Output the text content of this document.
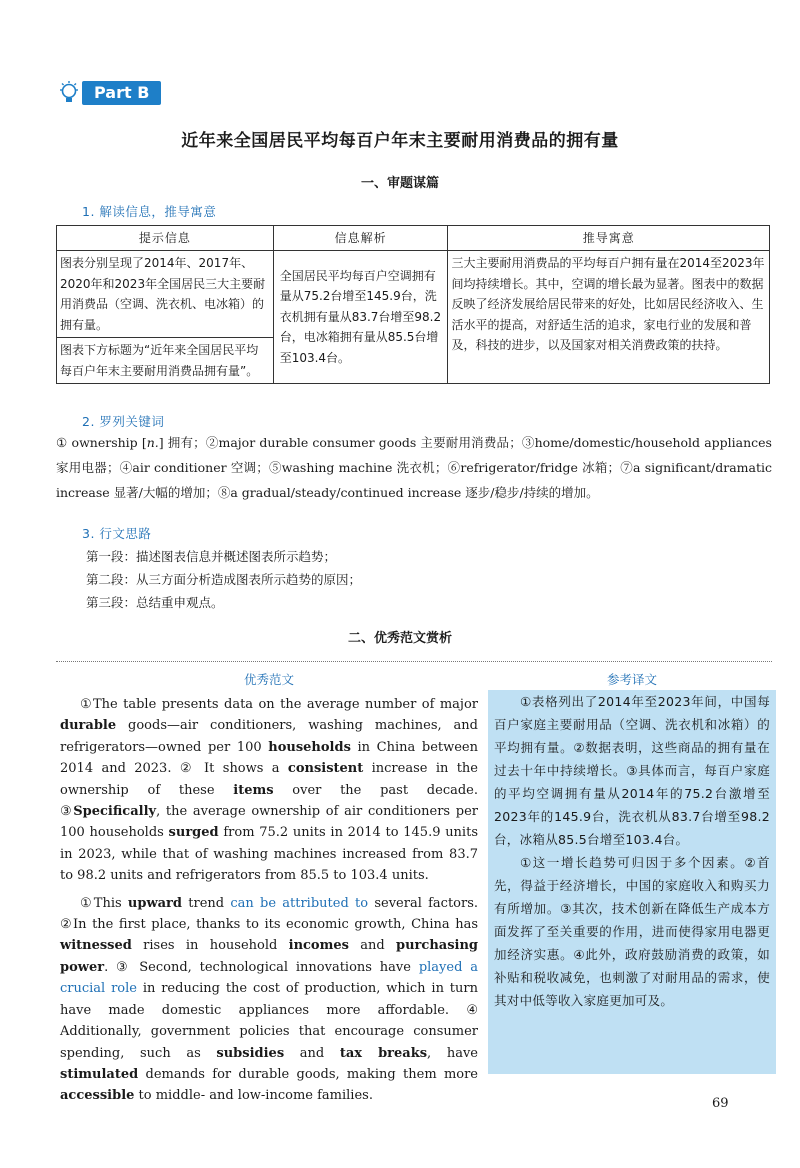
Part B
近年来全国居民平均每百户年末主要耐用消费品的拥有量
一、审题谋篇
1. 解读信息，推导寓意
提示信息	信息解析	推导寓意
图表分别呈现了2014年、2017年、2020年和2023年全国居民三大主要耐用消费品（空调、洗衣机、电冰箱）的拥有量。	全国居民平均每百户空调拥有量从75.2台增至145.9台，洗衣机拥有量从83.7台增至98.2台，电冰箱拥有量从85.5台增至103.4台。	三大主要耐用消费品的平均每百户拥有量在2014至2023年间均持续增长。其中，空调的增长最为显著。图表中的数据反映了经济发展给居民带来的好处，比如居民经济收入、生活水平的提高，对舒适生活的追求，家电行业的发展和普及，科技的进步，以及国家对相关消费政策的扶持。
图表下方标题为“近年来全国居民平均每百户年末主要耐用消费品拥有量”。		
2. 罗列关键词
① ownership [n.] 拥有；②major durable consumer goods 主要耐用消费品；③home/domestic/household appliances 家用电器；④air conditioner 空调；⑤washing machine 洗衣机；⑥refrigerator/fridge 冰箱；⑦a significant/dramatic increase 显著/大幅的增加；⑧a gradual/steady/continued increase 逐步/稳步/持续的增加。
3. 行文思路
第一段：描述图表信息并概述图表所示趋势；
第二段：从三方面分析造成图表所示趋势的原因；
第三段：总结重申观点。
二、优秀范文赏析
优秀范文	参考译文

①The table presents data on the average number of major durable goods—air conditioners, washing machines, and refrigerators—owned per 100 households in China between 2014 and 2023. ② It shows a consistent increase in the ownership of these items over the past decade. ③Specifically, the average ownership of air conditioners per 100 households surged from 75.2 units in 2014 to 145.9 units in 2023, while that of washing machines increased from 83.7 to 98.2 units and refrigerators from 85.5 to 103.4 units.

①This upward trend can be attributed to several factors. ②In the first place, thanks to its economic growth, China has witnessed rises in household incomes and purchasing power. ③ Second, technological innovations have played a crucial role in reducing the cost of production, which in turn have made domestic appliances more affordable. ④ Additionally, government policies that encourage consumer spending, such as subsidies and tax breaks, have stimulated demands for durable goods, making them more accessible to middle- and low-income families.

①表格列出了2014年至2023年间，中国每百户家庭主要耐用品（空调、洗衣机和冰箱）的平均拥有量。②数据表明，这些商品的拥有量在过去十年中持续增长。③具体而言，每百户家庭的平均空调拥有量从2014年的75.2台激增至2023年的145.9台，洗衣机从83.7台增至98.2台，冰箱从85.5台增至103.4台。

①这一增长趋势可归因于多个因素。②首先，得益于经济增长，中国的家庭收入和购买力有所增加。③其次，技术创新在降低生产成本方面发挥了至关重要的作用，进而使得家用电器更加经济实惠。④此外，政府鼓励消费的政策，如补贴和税收减免，也刺激了对耐用品的需求，使其对中低等收入家庭更加可及。

69
